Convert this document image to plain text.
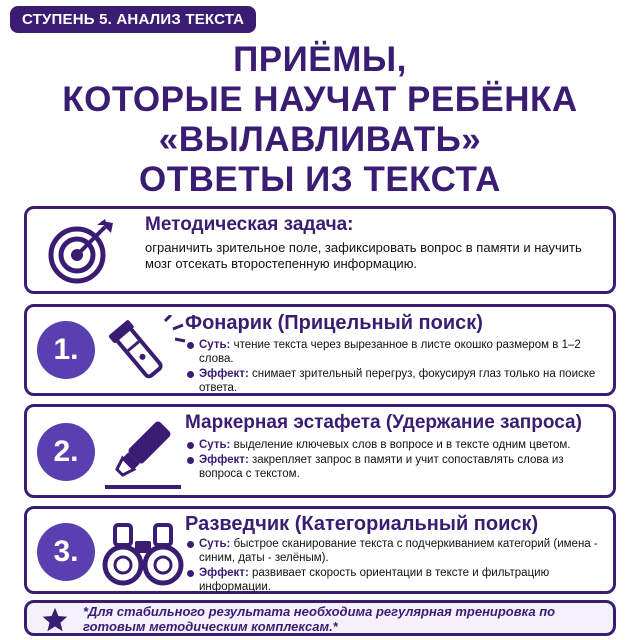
СТУПЕНЬ 5. АНАЛИЗ ТЕКСТА
ПРИЁМЫ,
КОТОРЫЕ НАУЧАТ РЕБЁНКА
«ВЫЛАВЛИВАТЬ»
ОТВЕТЫ ИЗ ТЕКСТА
Методическая задача:
ограничить зрительное поле, зафиксировать вопрос в памяти и научить мозг отсекать второстепенную информацию.
1.
Фонарик (Прицельный поиск)
Суть: чтение текста через вырезанное в листе окошко размером в 1–2 слова.
Эффект: снимает зрительный перегруз, фокусируя глаз только на поиске ответа.
2.
Маркерная эстафета (Удержание запроса)
Суть: выделение ключевых слов в вопросе и в тексте одним цветом.
Эффект: закрепляет запрос в памяти и учит сопоставлять слова из вопроса с текстом.
3.
Разведчик (Категориальный поиск)
Суть: быстрое сканирование текста с подчеркиванием категорий (имена - синим, даты - зелёным).
Эффект: развивает скорость ориентации в тексте и фильтрацию информации.
*Для стабильного результата необходима регулярная тренировка по готовым методическим комплексам.*
